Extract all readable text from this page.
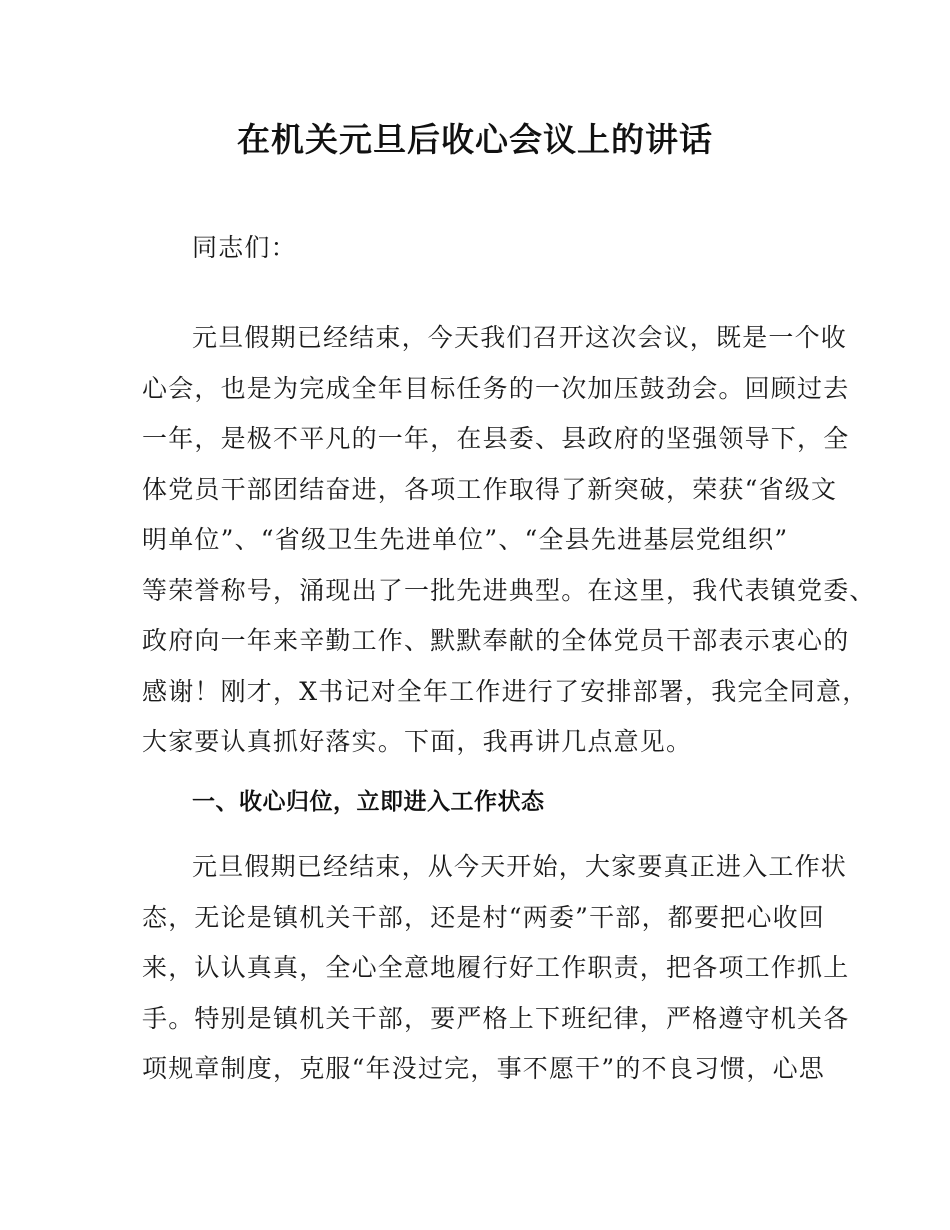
在机关元旦后收心会议上的讲话
同志们：
元旦假期已经结束，今天我们召开这次会议，既是一个收
心会，也是为完成全年目标任务的一次加压鼓劲会。回顾过去
一年，是极不平凡的一年，在县委、县政府的坚强领导下，全
体党员干部团结奋进，各项工作取得了新突破，荣获“省级文
明单位”、“省级卫生先进单位”、“全县先进基层党组织”
等荣誉称号，涌现出了一批先进典型。在这里，我代表镇党委、
政府向一年来辛勤工作、默默奉献的全体党员干部表示衷心的
感谢！刚才，X书记对全年工作进行了安排部署，我完全同意，
大家要认真抓好落实。下面，我再讲几点意见。
一、收心归位，立即进入工作状态
元旦假期已经结束，从今天开始，大家要真正进入工作状
态，无论是镇机关干部，还是村“两委”干部，都要把心收回
来，认认真真，全心全意地履行好工作职责，把各项工作抓上
手。特别是镇机关干部，要严格上下班纪律，严格遵守机关各
项规章制度，克服“年没过完，事不愿干”的不良习惯，心思
